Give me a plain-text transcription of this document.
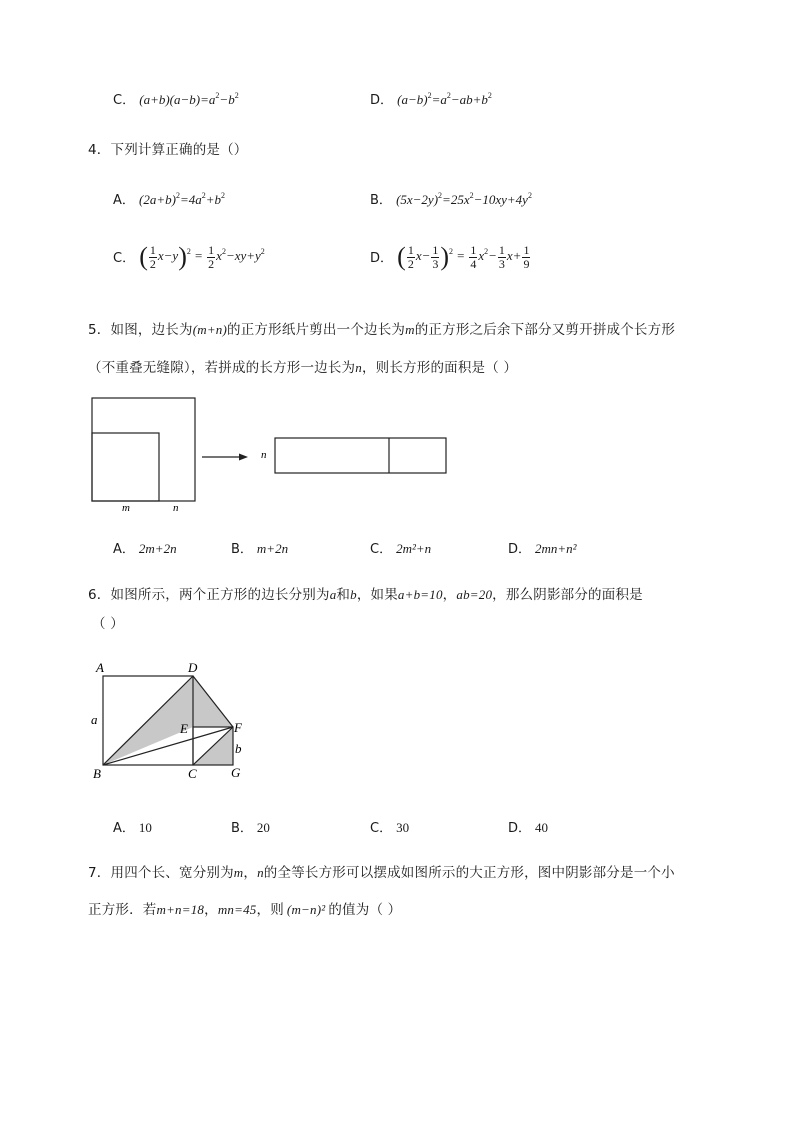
C． $(a+b)(a-b)=a^2-b^2$	D． $(a-b)^2=a^2-ab+b^2$
4．下列计算正确的是（）
A． $(2a+b)^2=4a^2+b^2$	B． $(5x-2y)^2=25x^2-10xy+4y^2$
C． ( $\frac{1}{2} x-y)^2 = \frac{1}{2} x^2-xy+y^2$	D． ( $\frac{1}{2} x- \frac{1}{3} )^2 = \frac{1}{4} x^2- \frac{1}{3} x+ \frac{1}{9}$
5．如图，边长为(m+n)的正方形纸片剪出一个边长为m的正方形之后余下部分又剪开拼成个长方形
（不重叠无缝隙），若拼成的长方形一边长为n，则长方形的面积是（ ）
m	n
n
A． 2m+2n	B． m+2n	C． 2m²+n	D． 2mn+n²
6．如图所示，两个正方形的边长分别为a和b，如果a+b=10，ab=20，那么阴影部分的面积是
（ ）
A	D
E	F
B	C	G
a
b
A． 10	B． 20	C． 30	D． 40
7．用四个长、宽分别为m，n的全等长方形可以摆成如图所示的大正方形，图中阴影部分是一个小
正方形．若m+n=18，mn=45，则 (m−n)² 的值为（ ）
